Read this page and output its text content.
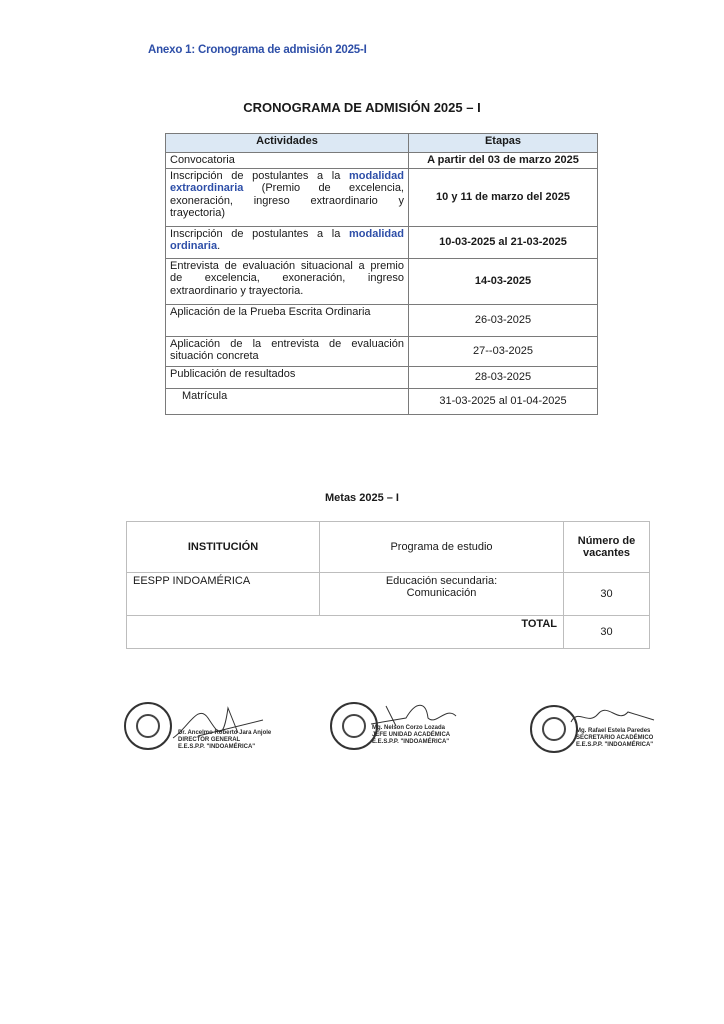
Anexo 1: Cronograma de admisión 2025-I
CRONOGRAMA DE ADMISIÓN 2025 – I
Actividades	Etapas
Convocatoria	A partir del 03 de marzo 2025
Inscripción de postulantes a la modalidad extraordinaria (Premio de excelencia, exoneración, ingreso extraordinario y trayectoria)	10 y 11 de marzo del 2025
Inscripción de postulantes a la modalidad ordinaria.	10-03-2025 al 21-03-2025
Entrevista de evaluación situacional a premio de excelencia, exoneración, ingreso extraordinario y trayectoria.	14-03-2025
Aplicación de la Prueba Escrita Ordinaria	26-03-2025
Aplicación de la entrevista de evaluación situación concreta	27--03-2025
Publicación de resultados	28-03-2025
Matrícula	31-03-2025 al 01-04-2025
Metas 2025 – I
INSTITUCIÓN	Programa de estudio	Número de vacantes
EESPP INDOAMÉRICA	Educación secundaria: Comunicación	30
TOTAL		30
Dr. Ancelmo Roberto Jara Anjole
DIRECTOR GENERAL
E.E.S.P.P. "INDOAMÉRICA"
Mg. Nelson Corzo Lozada
JEFE UNIDAD ACADÉMICA
E.E.S.P.P. "INDOAMÉRICA"
Mg. Rafael Estela Paredes
SECRETARIO ACADÉMICO
E.E.S.P.P. "INDOAMÉRICA"
